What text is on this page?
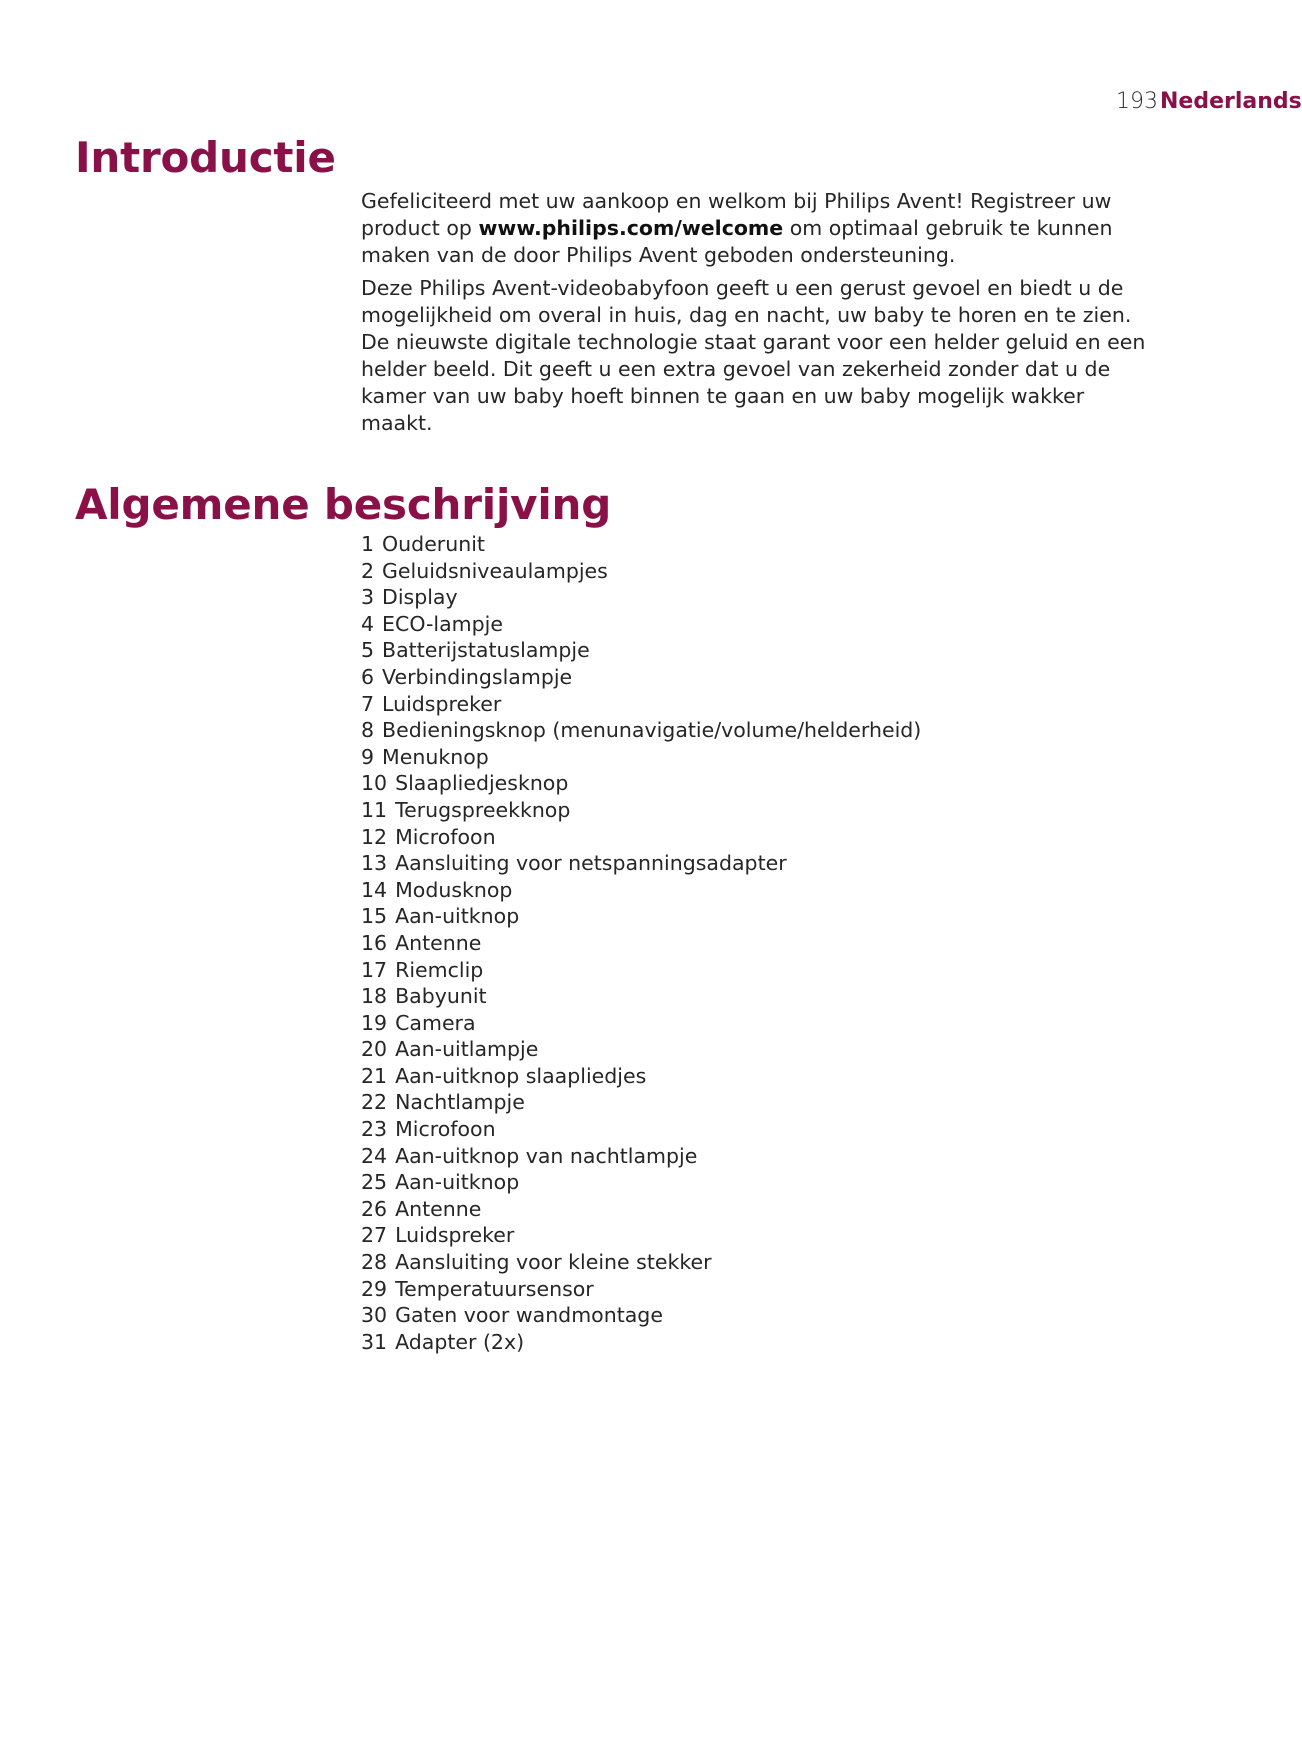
193Nederlands
Introductie

Gefeliciteerd met uw aankoop en welkom bij Philips Avent! Registreer uw product op www.philips.com/welcome om optimaal gebruik te kunnen maken van de door Philips Avent geboden ondersteuning.

Deze Philips Avent-videobabyfoon geeft u een gerust gevoel en biedt u de mogelijkheid om overal in huis, dag en nacht, uw baby te horen en te zien. De nieuwste digitale technologie staat garant voor een helder geluid en een helder beeld. Dit geeft u een extra gevoel van zekerheid zonder dat u de kamer van uw baby hoeft binnen te gaan en uw baby mogelijk wakker maakt.

Algemene beschrijving
1 Ouderunit
2 Geluidsniveaulampjes
3 Display
4 ECO-lampje
5 Batterijstatuslampje
6 Verbindingslampje
7 Luidspreker
8 Bedieningsknop (menunavigatie/volume/helderheid)
9 Menuknop
10 Slaapliedjesknop
11 Terugspreekknop
12 Microfoon
13 Aansluiting voor netspanningsadapter
14 Modusknop
15 Aan-uitknop
16 Antenne
17 Riemclip
18 Babyunit
19 Camera
20 Aan-uitlampje
21 Aan-uitknop slaapliedjes
22 Nachtlampje
23 Microfoon
24 Aan-uitknop van nachtlampje
25 Aan-uitknop
26 Antenne
27 Luidspreker
28 Aansluiting voor kleine stekker
29 Temperatuursensor
30 Gaten voor wandmontage
31 Adapter (2x)
